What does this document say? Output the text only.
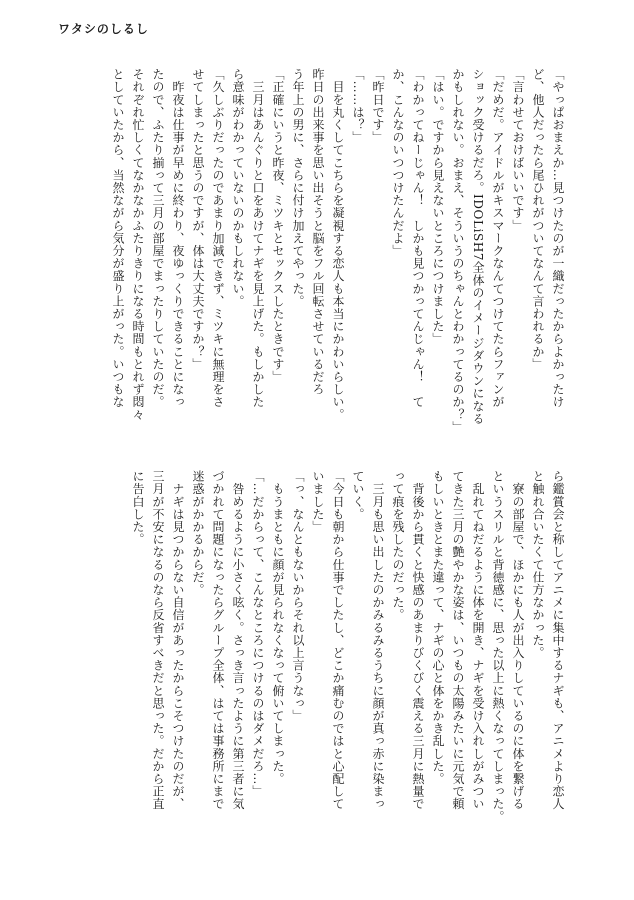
ワタシのしるし

「やっぱおまえか…見つけたのが一織だったからよかったけ

ど、他人だったら尾ひれがついてなんて言われるか」

「言わせておけばいいです」

「だめだ。アイドルがキスマークなんてつけてたらファンが

ショック受けるだろ。IDOLiSH7全体のイメージダウンになる

かもしれない。おまえ、そういうのちゃんとわかってるのか？」

「はい。ですから見えないところにつけました」

「わかってねーじゃん！　しかも見つかってんじゃん！　て

か、こんなのいつつけたんだよ」

「昨日です」

「……は？」

　目を丸くしてこちらを凝視する恋人も本当にかわいらしい。

昨日の出来事を思い出そうと脳をフル回転させているだろ

う年上の男に、さらに付け加えてやった。

「正確にいうと昨夜、ミツキとセックスしたときです」

　三月はあんぐりと口をあけてナギを見上げた。もしかした

ら意味がわかっていないのかもしれない。

「久しぶりだったのであまり加減できず、ミツキに無理をさ

せてしまったと思うのですが、体は大丈夫ですか？」

　昨夜は仕事が早めに終わり、夜ゆっくりできることになっ

たので、ふたり揃って三月の部屋でまったりしていたのだ。

それぞれ忙しくてなかなかふたりきりになる時間もとれず悶々

としていたから、当然ながら気分が盛り上がった。いつもな

ら鑑賞会と称してアニメに集中するナギも、アニメより恋人

と触れ合いたくて仕方なかった。

　寮の部屋で、ほかにも人が出入りしているのに体を繋げる

というスリルと背徳感に、思った以上に熱くなってしまった。

　乱れてねだるように体を開き、ナギを受け入れしがみつい

てきた三月の艶やかな姿は、いつもの太陽みたいに元気で頼

もしいときとまた違って、ナギの心と体をかき乱した。

　背後から貫くと快感のあまりびくびく震える三月に熱量で

って痕を残したのだった。

　三月も思い出したのかみるみるうちに顔が真っ赤に染まっ

ていく。

「今日も朝から仕事でしたし、どこか痛むのではと心配して

いました」

「っ、なんともないからそれ以上言うなっ」

　もうまともに顔が見られなくなって俯いてしまった。

「…だからって、こんなところにつけるのはダメだろ…」

　咎めるように小さく呟く。さっき言ったように第三者に気

づかれて問題になったらグループ全体、はては事務所にまで

迷惑がかかるからだ。

　ナギは見つからない自信があったからこそつけたのだが、

三月が不安になるのなら反省すべきだと思った。だから正直

に告白した。
